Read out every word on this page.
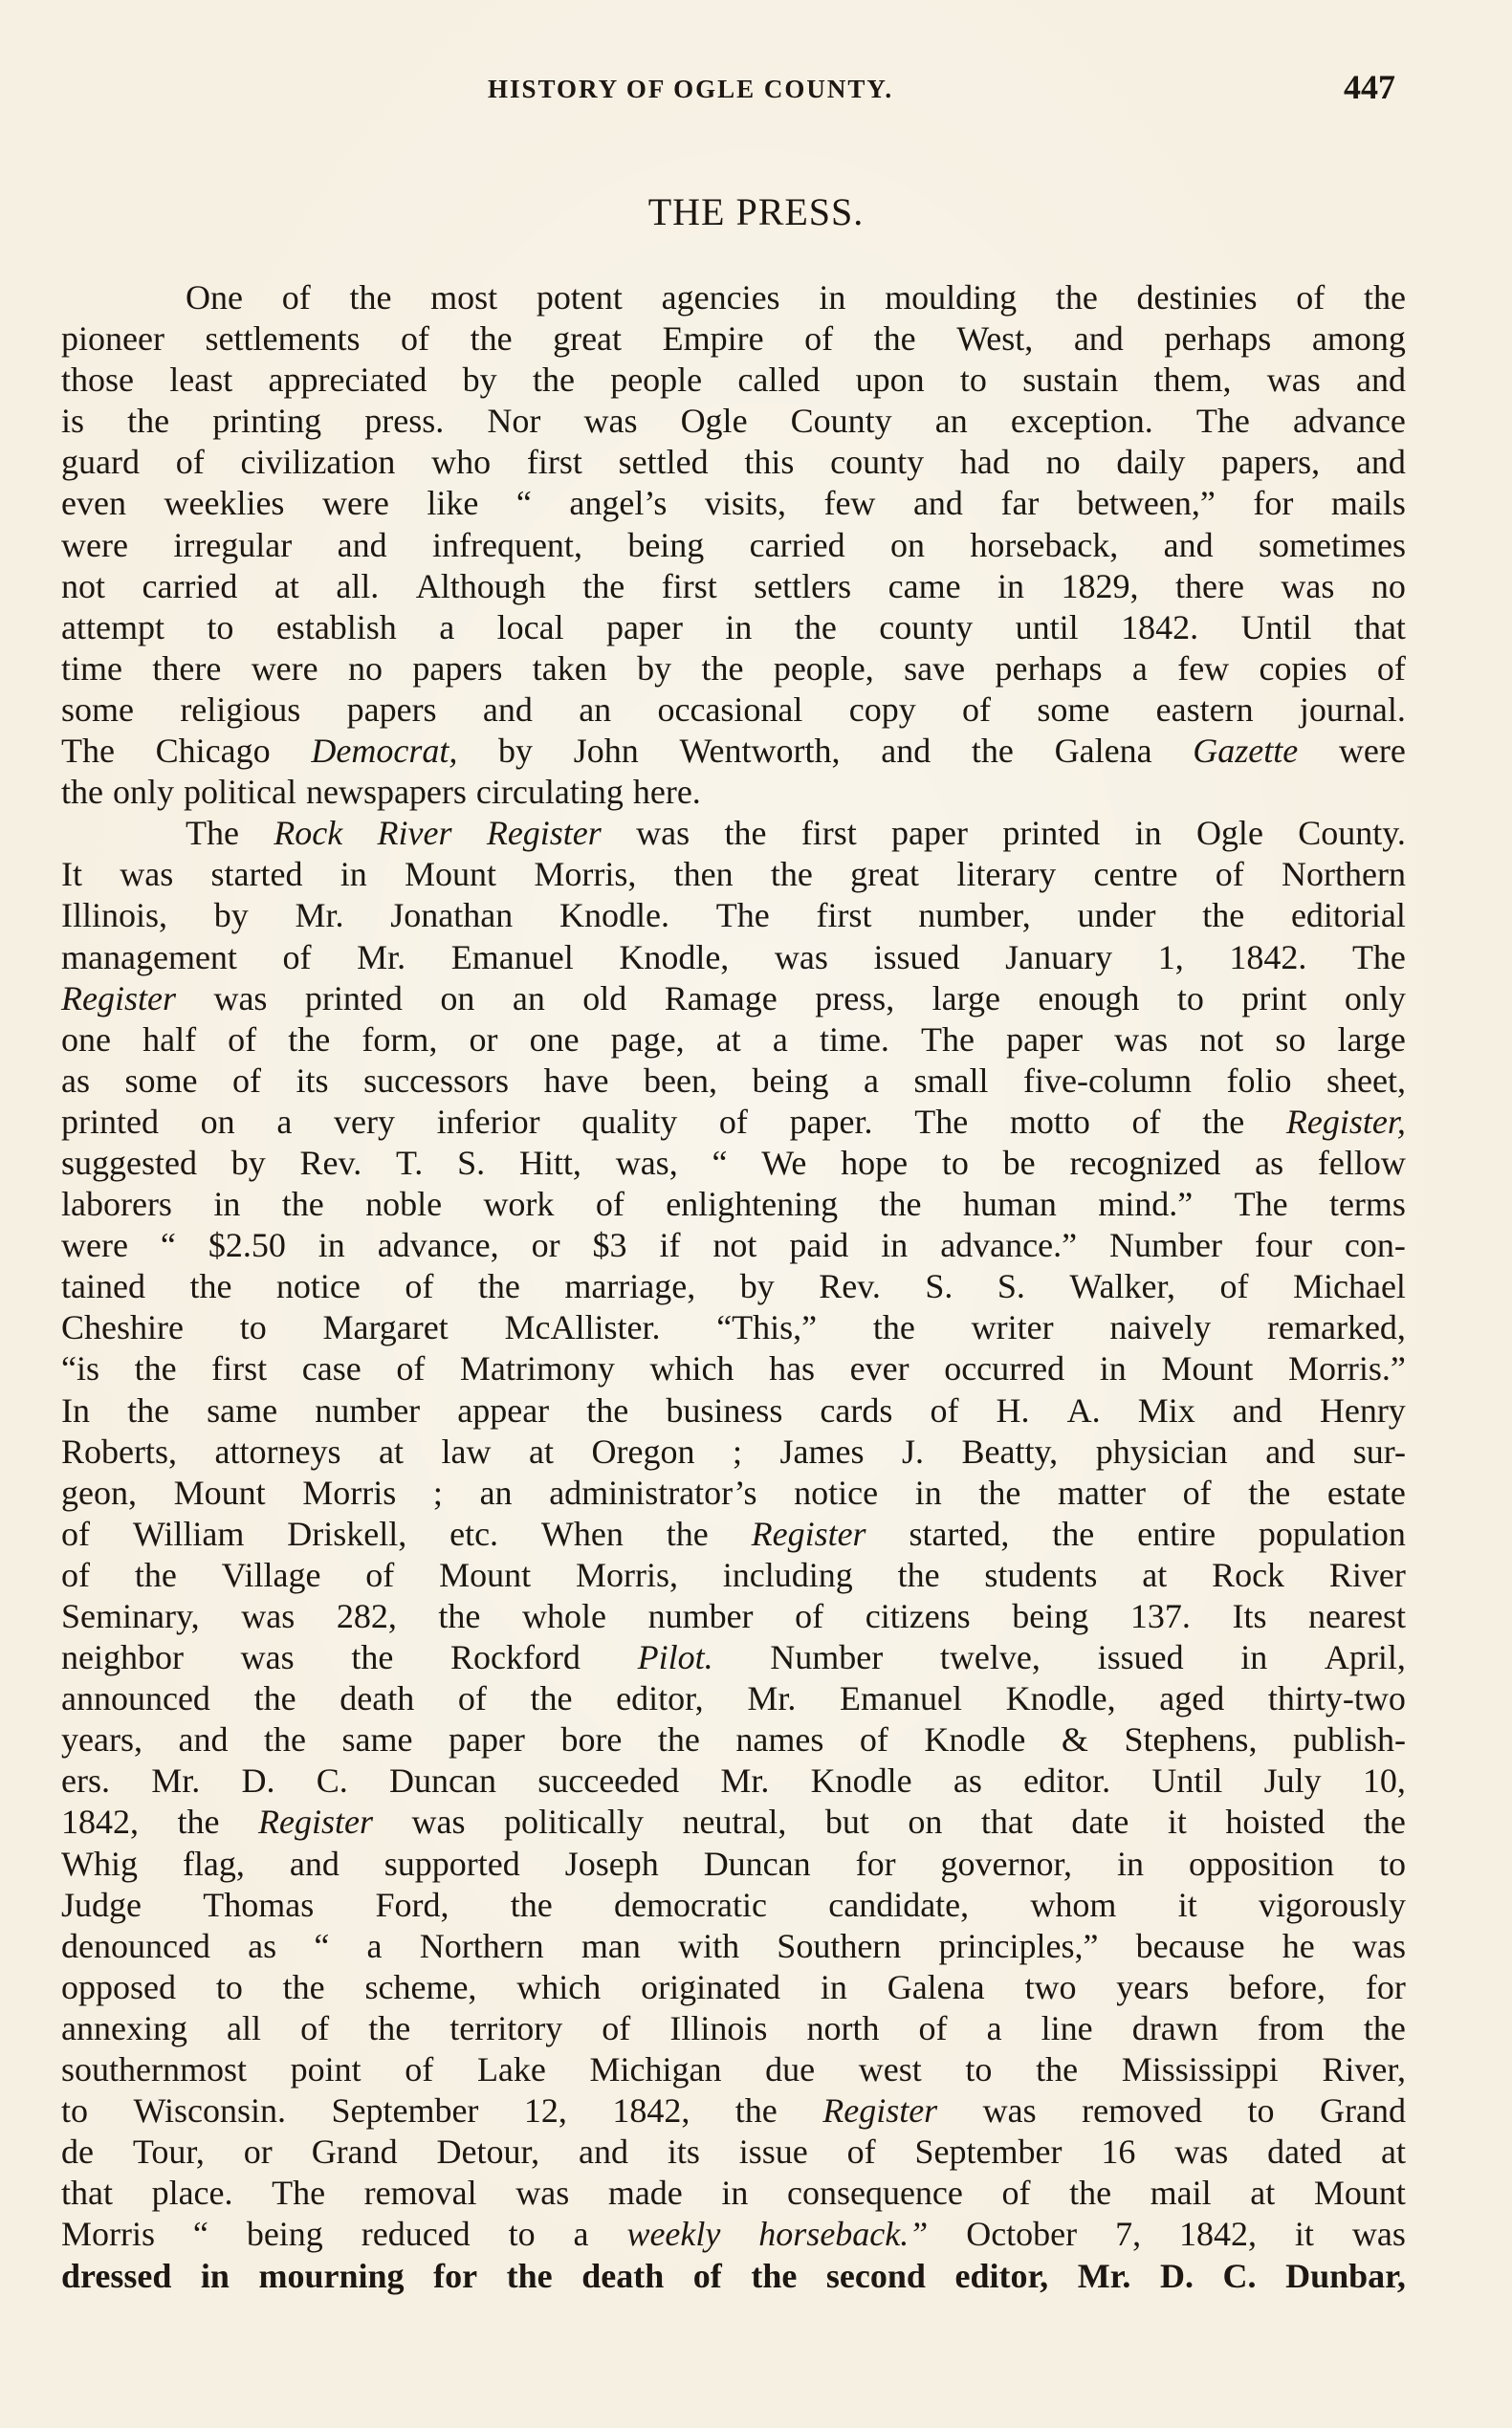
HISTORY OF OGLE COUNTY.	447
THE PRESS.
One of the most potent agencies in moulding the destinies of the
pioneer settlements of the great Empire of the West, and perhaps among
those least appreciated by the people called upon to sustain them, was and
is the printing press. Nor was Ogle County an exception. The advance
guard of civilization who first settled this county had no daily papers, and
even weeklies were like “ angel’s visits, few and far between,” for mails
were irregular and infrequent, being carried on horseback, and sometimes
not carried at all. Although the first settlers came in 1829, there was no
attempt to establish a local paper in the county until 1842. Until that
time there were no papers taken by the people, save perhaps a few copies of
some religious papers and an occasional copy of some eastern journal.
The Chicago Democrat, by John Wentworth, and the Galena Gazette were
the only political newspapers circulating here.
The Rock River Register was the first paper printed in Ogle County.
It was started in Mount Morris, then the great literary centre of Northern
Illinois, by Mr. Jonathan Knodle. The first number, under the editorial
management of Mr. Emanuel Knodle, was issued January 1, 1842. The
Register was printed on an old Ramage press, large enough to print only
one half of the form, or one page, at a time. The paper was not so large
as some of its successors have been, being a small five-column folio sheet,
printed on a very inferior quality of paper. The motto of the Register,
suggested by Rev. T. S. Hitt, was, “ We hope to be recognized as fellow
laborers in the noble work of enlightening the human mind.” The terms
were “ $2.50 in advance, or $3 if not paid in advance.” Number four con-
tained the notice of the marriage, by Rev. S. S. Walker, of Michael
Cheshire to Margaret McAllister. “This,” the writer naively remarked,
“is the first case of Matrimony which has ever occurred in Mount Morris.”
In the same number appear the business cards of H. A. Mix and Henry
Roberts, attorneys at law at Oregon ; James J. Beatty, physician and sur-
geon, Mount Morris ; an administrator’s notice in the matter of the estate
of William Driskell, etc. When the Register started, the entire population
of the Village of Mount Morris, including the students at Rock River
Seminary, was 282, the whole number of citizens being 137. Its nearest
neighbor was the Rockford Pilot. Number twelve, issued in April,
announced the death of the editor, Mr. Emanuel Knodle, aged thirty-two
years, and the same paper bore the names of Knodle & Stephens, publish-
ers. Mr. D. C. Duncan succeeded Mr. Knodle as editor. Until July 10,
1842, the Register was politically neutral, but on that date it hoisted the
Whig flag, and supported Joseph Duncan for governor, in opposition to
Judge Thomas Ford, the democratic candidate, whom it vigorously
denounced as “ a Northern man with Southern principles,” because he was
opposed to the scheme, which originated in Galena two years before, for
annexing all of the territory of Illinois north of a line drawn from the
southernmost point of Lake Michigan due west to the Mississippi River,
to Wisconsin. September 12, 1842, the Register was removed to Grand
de Tour, or Grand Detour, and its issue of September 16 was dated at
that place. The removal was made in consequence of the mail at Mount
Morris “ being reduced to a weekly horseback.” October 7, 1842, it was
dressed in mourning for the death of the second editor, Mr. D. C. Dunbar,
